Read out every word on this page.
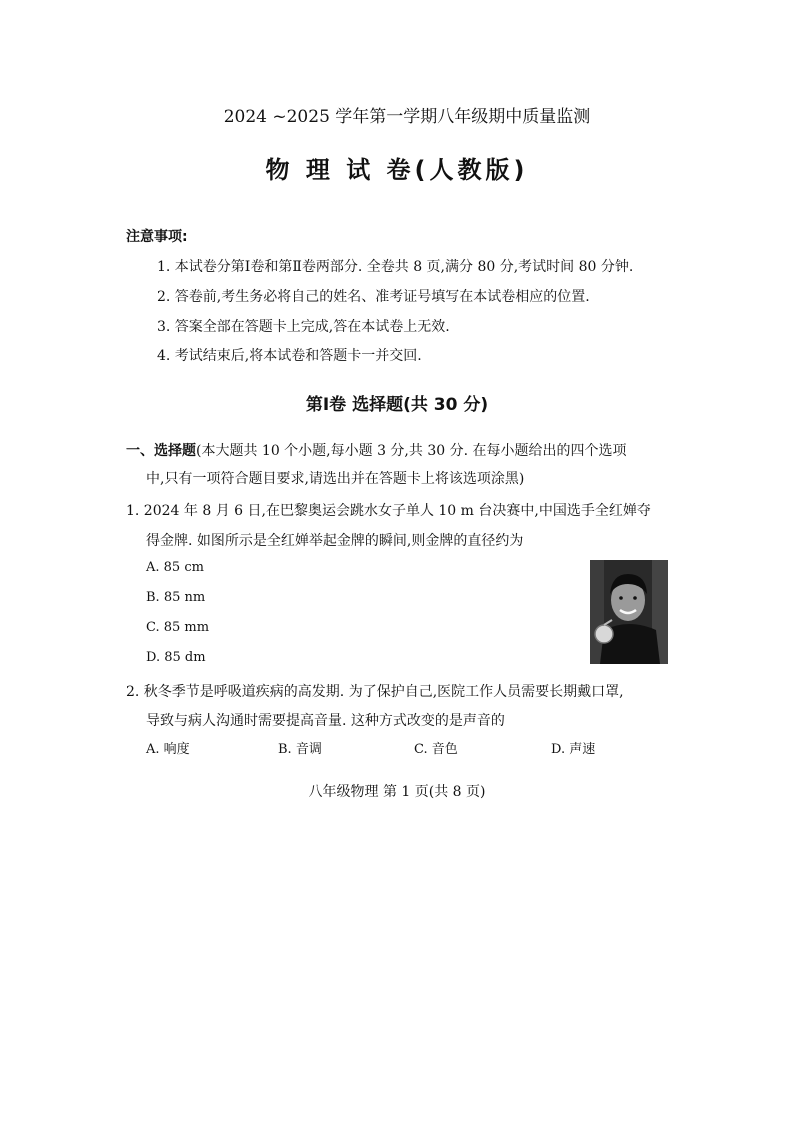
2024 ~2025 学年第一学期八年级期中质量监测
物 理 试 卷(人教版)
注意事项:
1. 本试卷分第Ⅰ卷和第Ⅱ卷两部分. 全卷共 8 页,满分 80 分,考试时间 80 分钟.
2. 答卷前,考生务必将自己的姓名、准考证号填写在本试卷相应的位置.
3. 答案全部在答题卡上完成,答在本试卷上无效.
4. 考试结束后,将本试卷和答题卡一并交回.
第Ⅰ卷 选择题(共 30 分)
一、选择题(本大题共 10 个小题,每小题 3 分,共 30 分. 在每小题给出的四个选项
中,只有一项符合题目要求,请选出并在答题卡上将该选项涂黑)
1. 2024 年 8 月 6 日,在巴黎奥运会跳水女子单人 10 m 台决赛中,中国选手全红婵夺
得金牌. 如图所示是全红婵举起金牌的瞬间,则金牌的直径约为
A. 85 cm
B. 85 nm
C. 85 mm
D. 85 dm
2. 秋冬季节是呼吸道疾病的高发期. 为了保护自己,医院工作人员需要长期戴口罩,
导致与病人沟通时需要提高音量. 这种方式改变的是声音的
A. 响度	B. 音调	C. 音色	D. 声速
八年级物理 第 1 页(共 8 页)
